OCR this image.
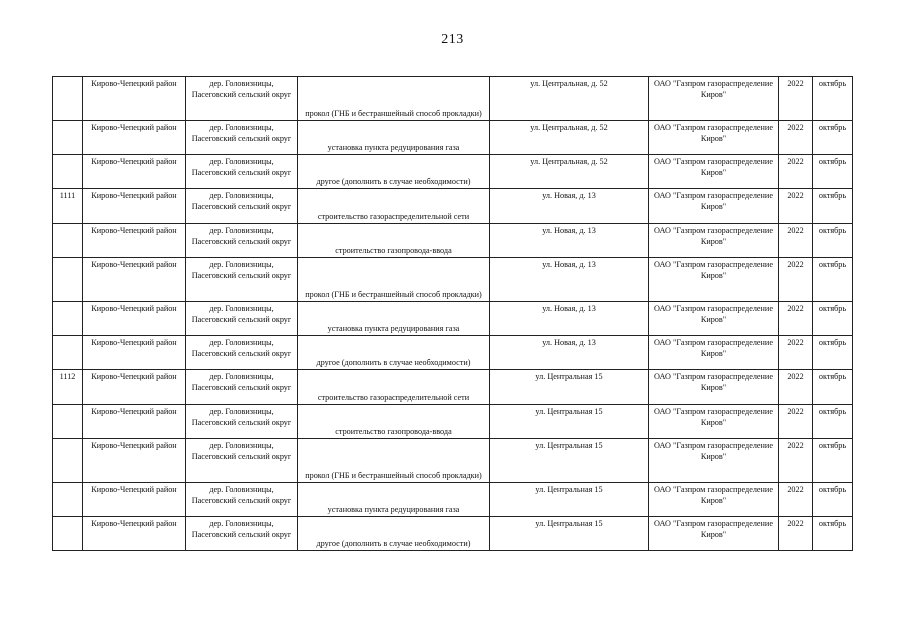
213
	Кирово-Чепецкий район	дер. Головизницы, Пасеговский сельский округ	прокол (ГНБ и бестраншейный способ прокладки)	ул. Центральная, д. 52	ОАО "Газпром газораспределение Киров"	2022	октябрь
	Кирово-Чепецкий район	дер. Головизницы, Пасеговский сельский округ	установка пункта редуцирования газа	ул. Центральная, д. 52	ОАО "Газпром газораспределение Киров"	2022	октябрь
	Кирово-Чепецкий район	дер. Головизницы, Пасеговский сельский округ	другое (дополнить в случае необходимости)	ул. Центральная, д. 52	ОАО "Газпром газораспределение Киров"	2022	октябрь
1111	Кирово-Чепецкий район	дер. Головизницы, Пасеговский сельский округ	строительство газораспределительной сети	ул. Новая, д. 13	ОАО "Газпром газораспределение Киров"	2022	октябрь
	Кирово-Чепецкий район	дер. Головизницы, Пасеговский сельский округ	строительство газопровода-ввода	ул. Новая, д. 13	ОАО "Газпром газораспределение Киров"	2022	октябрь
	Кирово-Чепецкий район	дер. Головизницы, Пасеговский сельский округ	прокол (ГНБ и бестраншейный способ прокладки)	ул. Новая, д. 13	ОАО "Газпром газораспределение Киров"	2022	октябрь
	Кирово-Чепецкий район	дер. Головизницы, Пасеговский сельский округ	установка пункта редуцирования газа	ул. Новая, д. 13	ОАО "Газпром газораспределение Киров"	2022	октябрь
	Кирово-Чепецкий район	дер. Головизницы, Пасеговский сельский округ	другое (дополнить в случае необходимости)	ул. Новая, д. 13	ОАО "Газпром газораспределение Киров"	2022	октябрь
1112	Кирово-Чепецкий район	дер. Головизницы, Пасеговский сельский округ	строительство газораспределительной сети	ул. Центральная 15	ОАО "Газпром газораспределение Киров"	2022	октябрь
	Кирово-Чепецкий район	дер. Головизницы, Пасеговский сельский округ	строительство газопровода-ввода	ул. Центральная 15	ОАО "Газпром газораспределение Киров"	2022	октябрь
	Кирово-Чепецкий район	дер. Головизницы, Пасеговский сельский округ	прокол (ГНБ и бестраншейный способ прокладки)	ул. Центральная 15	ОАО "Газпром газораспределение Киров"	2022	октябрь
	Кирово-Чепецкий район	дер. Головизницы, Пасеговский сельский округ	установка пункта редуцирования газа	ул. Центральная 15	ОАО "Газпром газораспределение Киров"	2022	октябрь
	Кирово-Чепецкий район	дер. Головизницы, Пасеговский сельский округ	другое (дополнить в случае необходимости)	ул. Центральная 15	ОАО "Газпром газораспределение Киров"	2022	октябрь
